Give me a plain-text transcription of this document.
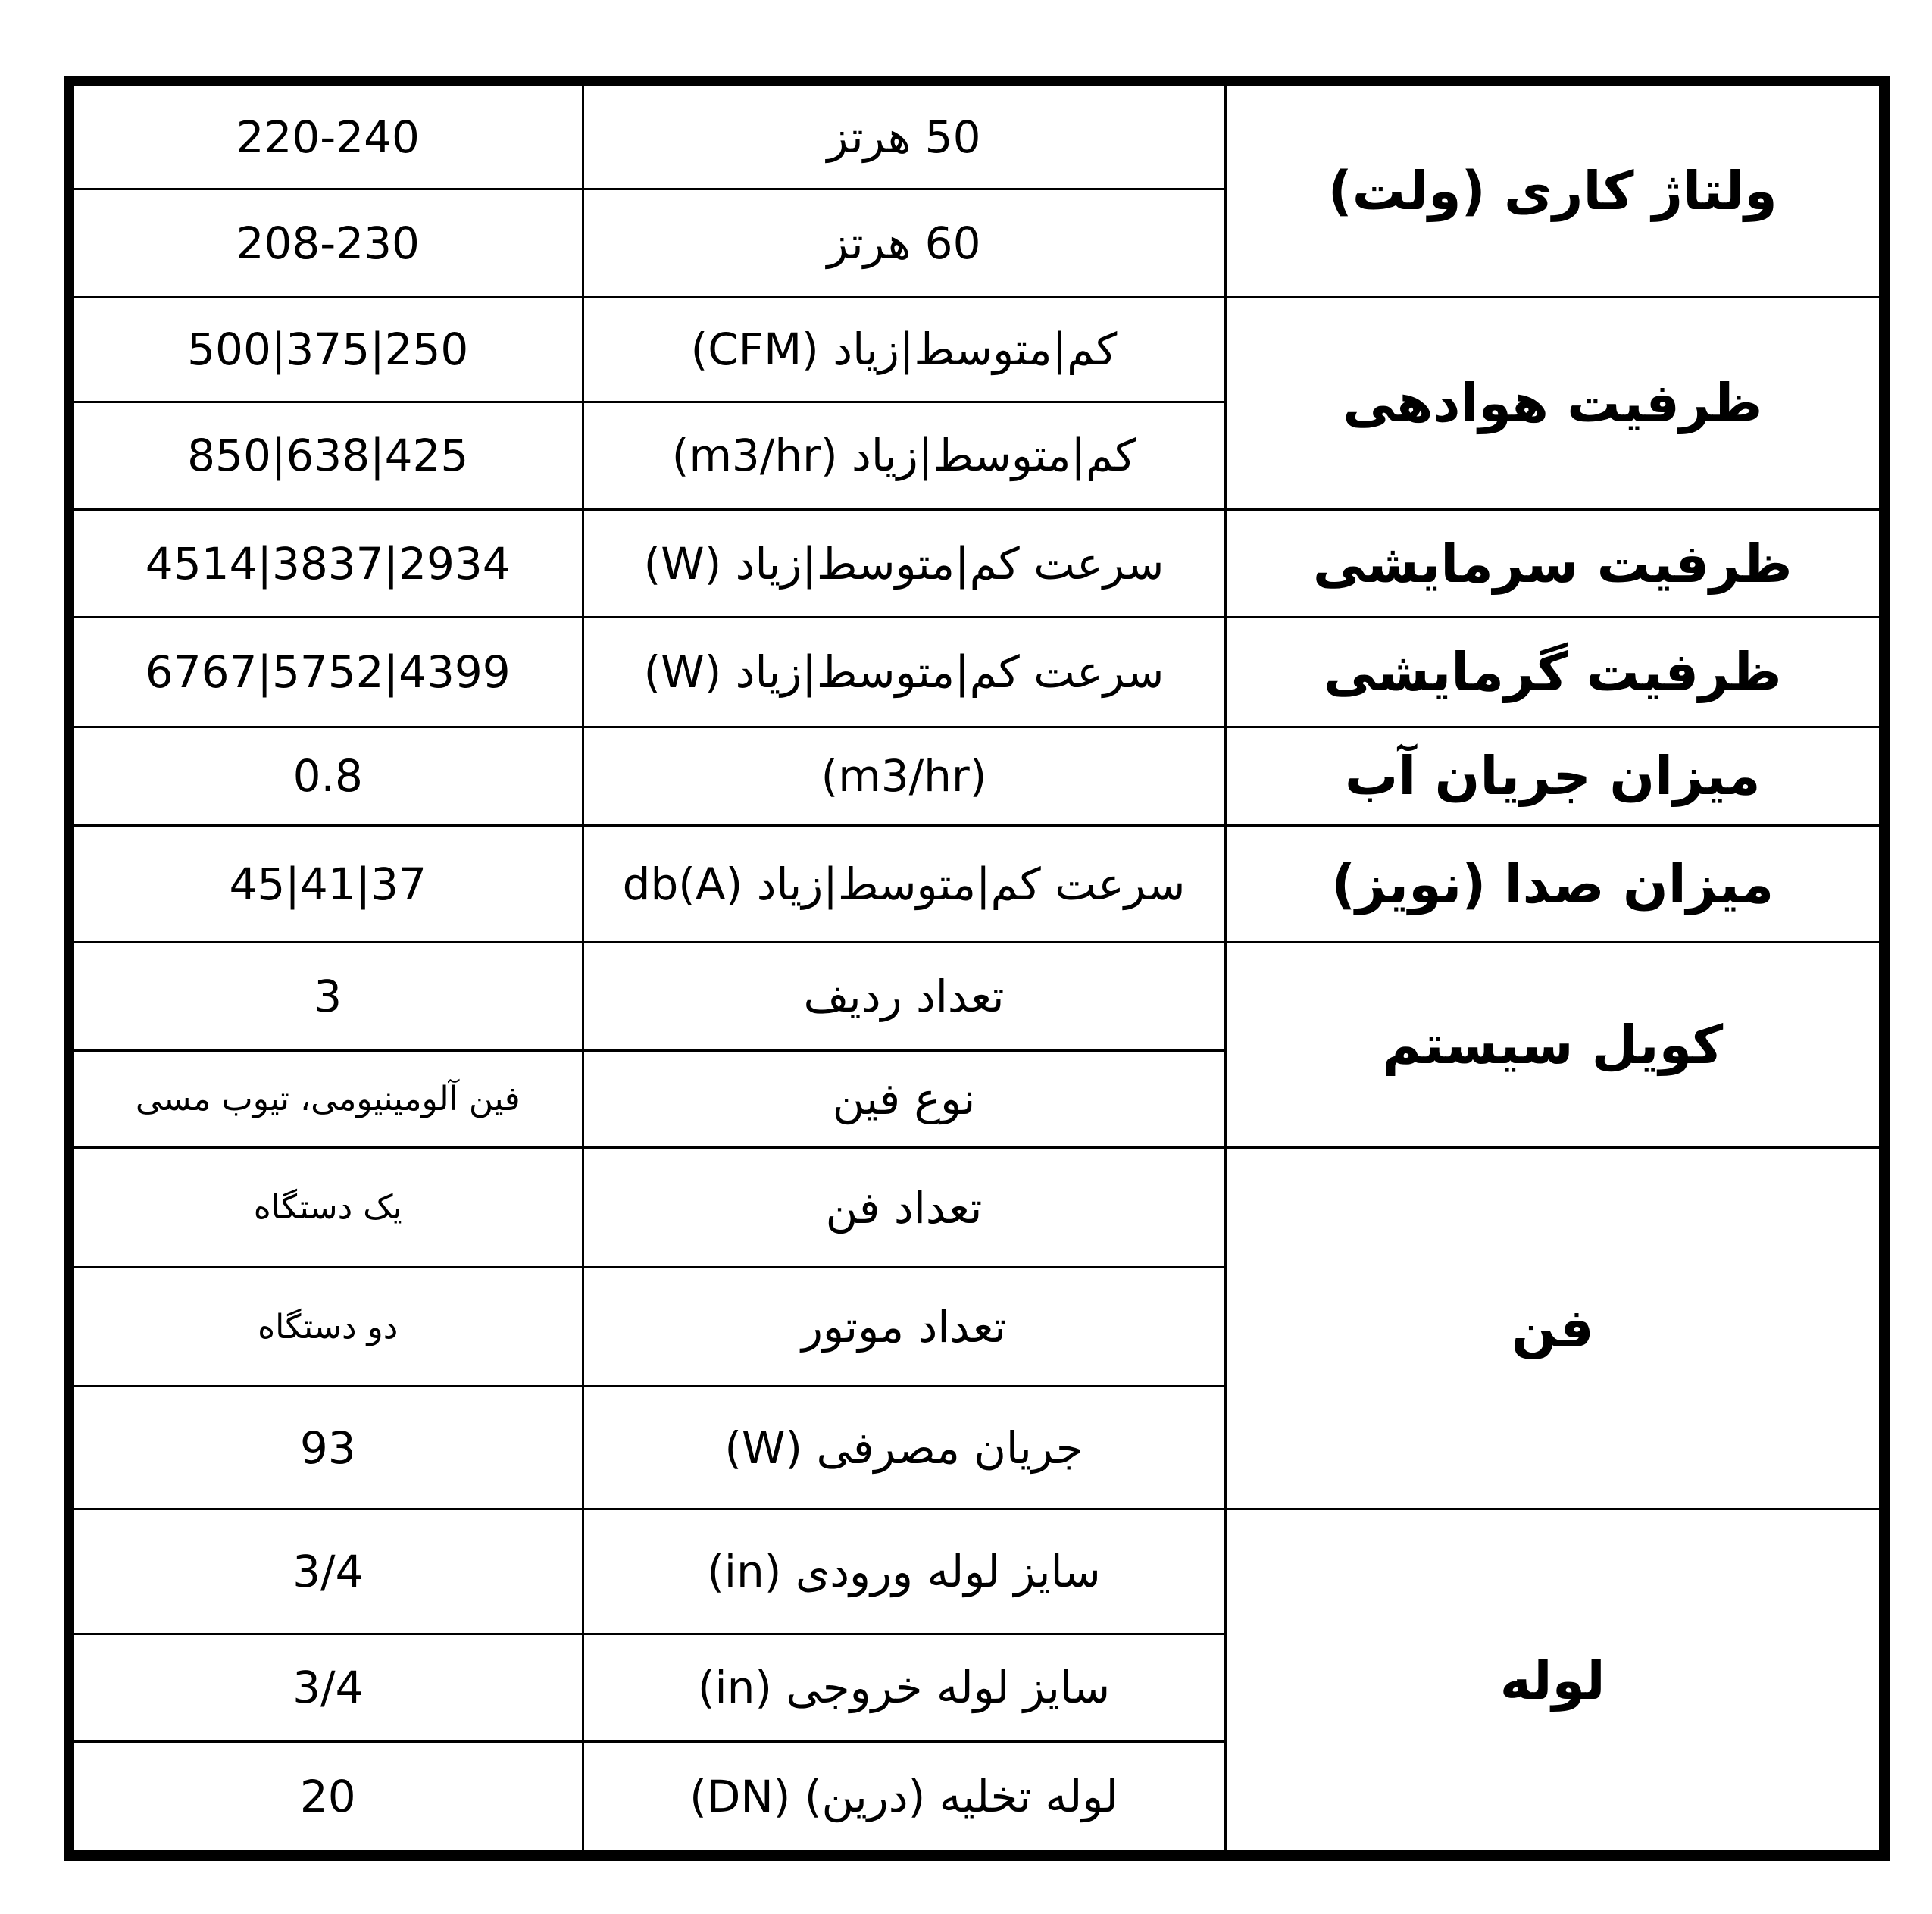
220-240	50 هرتز	ولتاژ کاری (ولت)
208-230	60 هرتز	
500|375|250	کم|متوسط|زیاد (CFM)	ظرفیت هوادهی
850|638|425	کم|متوسط|زیاد (m3/hr)	
4514|3837|2934	سرعت کم|متوسط|زیاد (W)	ظرفیت سرمایشی
6767|5752|4399	سرعت کم|متوسط|زیاد (W)	ظرفیت گرمایشی
0.8	(m3/hr)	میزان جریان آب
45|41|37	سرعت کم|متوسط|زیاد db(A)	میزان صدا (نویز)
3	تعداد ردیف	کویل سیستم
فین آلومینیومی، تیوب مسی	نوع فین	
یک دستگاه	تعداد فن	فن
دو دستگاه	تعداد موتور	
93	جریان مصرفی (W)	
3/4	سایز لوله ورودی (in)	لوله
3/4	سایز لوله خروجی (in)	
20	لوله تخلیه (درین) (DN)	
